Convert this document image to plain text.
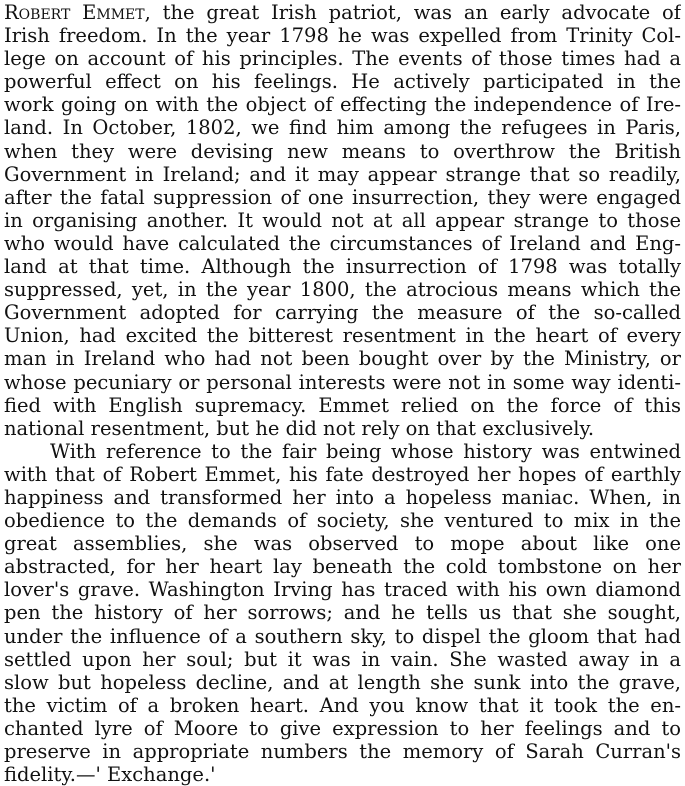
Robert Emmet, the great Irish patriot, was an early advocate of
Irish freedom. In the year 1798 he was expelled from Trinity Col-
lege on account of his principles. The events of those times had a
powerful effect on his feelings. He actively participated in the
work going on with the object of effecting the independence of Ire-
land. In October, 1802, we find him among the refugees in Paris,
when they were devising new means to overthrow the British
Government in Ireland; and it may appear strange that so readily,
after the fatal suppression of one insurrection, they were engaged
in organising another. It would not at all appear strange to those
who would have calculated the circumstances of Ireland and Eng-
land at that time. Although the insurrection of 1798 was totally
suppressed, yet, in the year 1800, the atrocious means which the
Government adopted for carrying the measure of the so-called
Union, had excited the bitterest resentment in the heart of every
man in Ireland who had not been bought over by the Ministry, or
whose pecuniary or personal interests were not in some way identi-
fied with English supremacy. Emmet relied on the force of this
national resentment, but he did not rely on that exclusively.
With reference to the fair being whose history was entwined
with that of Robert Emmet, his fate destroyed her hopes of earthly
happiness and transformed her into a hopeless maniac. When, in
obedience to the demands of society, she ventured to mix in the
great assemblies, she was observed to mope about like one
abstracted, for her heart lay beneath the cold tombstone on her
lover's grave. Washington Irving has traced with his own diamond
pen the history of her sorrows; and he tells us that she sought,
under the influence of a southern sky, to dispel the gloom that had
settled upon her soul; but it was in vain. She wasted away in a
slow but hopeless decline, and at length she sunk into the grave,
the victim of a broken heart. And you know that it took the en-
chanted lyre of Moore to give expression to her feelings and to
preserve in appropriate numbers the memory of Sarah Curran's
fidelity.—' Exchange.'
